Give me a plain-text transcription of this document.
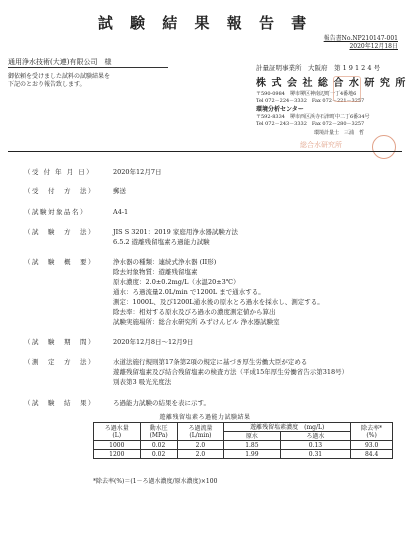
試 験 結 果 報 告 書
報告書No.NP210147-001
2020年12月18日
通用浄水技術(大連)有限公司　様
御依頼を受けました試料の試験結果を
下記のとおり報告致します。
計量証明事業所　大阪府　第 1 9 1 2 4 号
株 式 会 社 総 合 水 研 究 所
〒590-0984　堺市堺区神南辺町一丁4番地6
Tel 072－224－3332　Fax 072－221－3257
環境分析センター
〒592-8334　堺市西区浜寺石津町中二丁6番34号
Tel 072－243－3332　Fax 072－280－3257
環境計量士　三浦　哲
総合水研究所
（受 付 年 月 日）	2020年12月7日
（受　付　方　法）	郵送
（試験対象品名）	A4-1
（試　験　方　法）	JIS S 3201：2019 家庭用浄水器試験方法
6.5.2 遊離残留塩素ろ過能力試験
（試　験　概　要）	浄水器の種類：連続式浄水器 (II形)
除去対象物質：遊離残留塩素
原水濃度：2.0±0.2mg/L（水温20±3℃）
通水：ろ過流量2.0L/min で1200L まで通水する。
測定：1000L、及び1200L通水後の原水とろ過水を採水し、測定する。
除去率：相対する原水及びろ過水の濃度測定値から算出
試験実施場所：総合水研究所 みずけんビル 浄水器試験室
（試　験　期　間）	2020年12月8日～12月9日
（測　定　方　法）	水道法施行規則第17条第2項の規定に基づき厚生労働大臣が定める
遊離残留塩素及び結合残留塩素の検査方法（平成15年厚生労働省告示第318号）
別表第3 吸光光度法
（試　験　結　果）	ろ過能力試験の結果を表に示す。
遊離残留塩素ろ過能力試験結果
ろ過水量
(L)	動水圧
(MPa)	ろ過流量
(L/min)	遊離残留塩素濃度　(mg/L)		除去率*
(%)
			原水	ろ過水	
1000	0.02	2.0	1.85	0.13	93.0
1200	0.02	2.0	1.99	0.31	84.4
*除去率(%)＝(1－ろ過水濃度/原水濃度)×100
